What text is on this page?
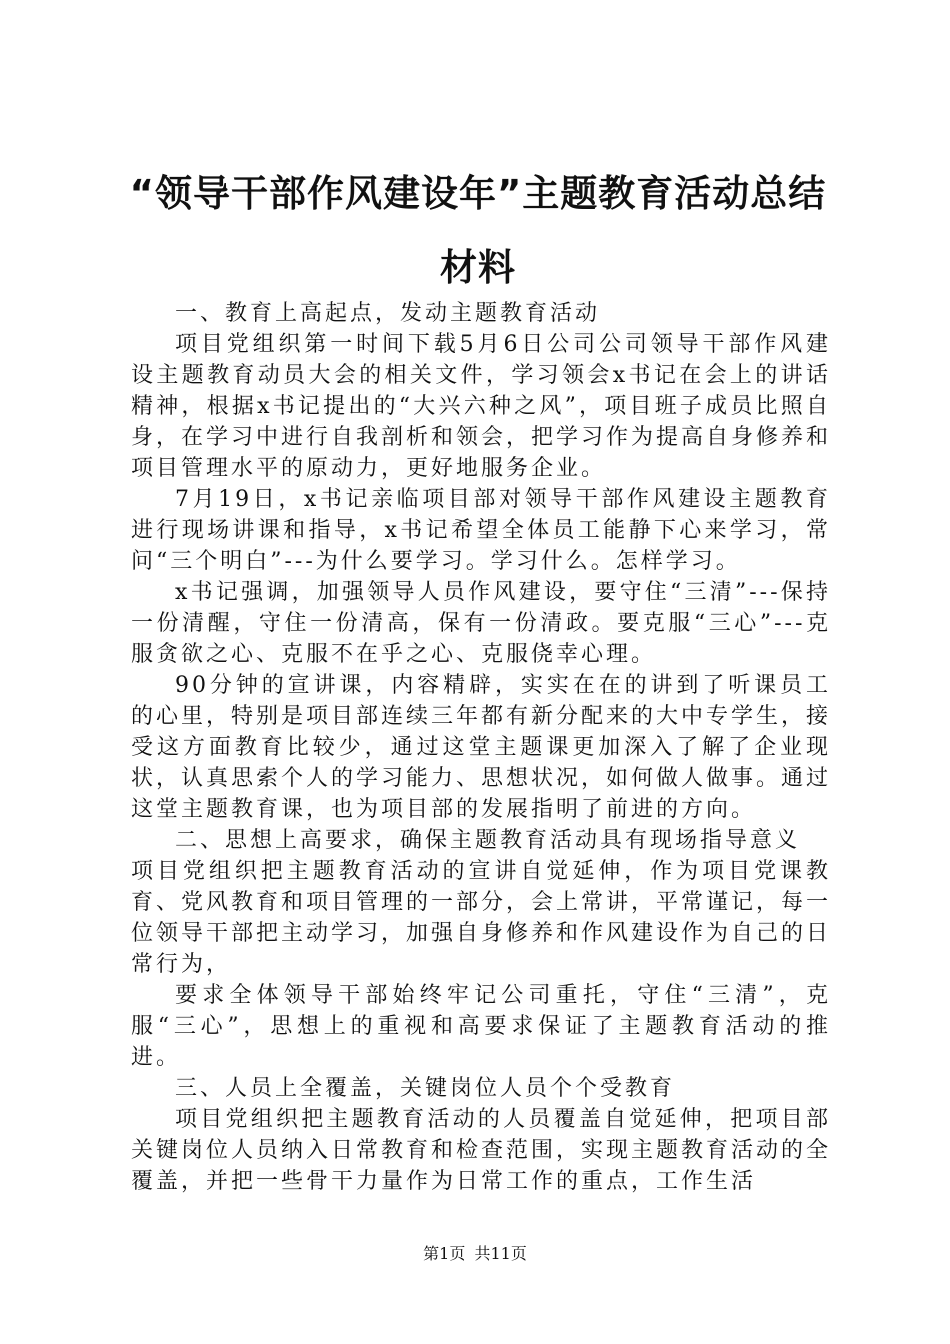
“领导干部作风建设年”主题教育活动总结材料

一、教育上高起点，发动主题教育活动

项目党组织第一时间下载5月6日公司公司领导干部作风建设主题教育动员大会的相关文件，学习领会x书记在会上的讲话精神，根据x书记提出的“大兴六种之风”，项目班子成员比照自身，在学习中进行自我剖析和领会，把学习作为提高自身修养和项目管理水平的原动力，更好地服务企业。

7月19日，x书记亲临项目部对领导干部作风建设主题教育进行现场讲课和指导，x书记希望全体员工能静下心来学习，常问“三个明白”---为什么要学习。学习什么。怎样学习。

x书记强调，加强领导人员作风建设，要守住“三清”---保持一份清醒，守住一份清高，保有一份清政。要克服“三心”---克服贪欲之心、克服不在乎之心、克服侥幸心理。

90分钟的宣讲课，内容精辟，实实在在的讲到了听课员工的心里，特别是项目部连续三年都有新分配来的大中专学生，接受这方面教育比较少，通过这堂主题课更加深入了解了企业现状，认真思索个人的学习能力、思想状况，如何做人做事。通过这堂主题教育课，也为项目部的发展指明了前进的方向。

二、思想上高要求，确保主题教育活动具有现场指导意义

项目党组织把主题教育活动的宣讲自觉延伸，作为项目党课教育、党风教育和项目管理的一部分，会上常讲，平常谨记，每一位领导干部把主动学习，加强自身修养和作风建设作为自己的日常行为，

要求全体领导干部始终牢记公司重托，守住“三清”，克服“三心”，思想上的重视和高要求保证了主题教育活动的推进。

三、人员上全覆盖，关键岗位人员个个受教育

项目党组织把主题教育活动的人员覆盖自觉延伸，把项目部关键岗位人员纳入日常教育和检查范围，实现主题教育活动的全覆盖，并把一些骨干力量作为日常工作的重点，工作生活

第1页 共11页
